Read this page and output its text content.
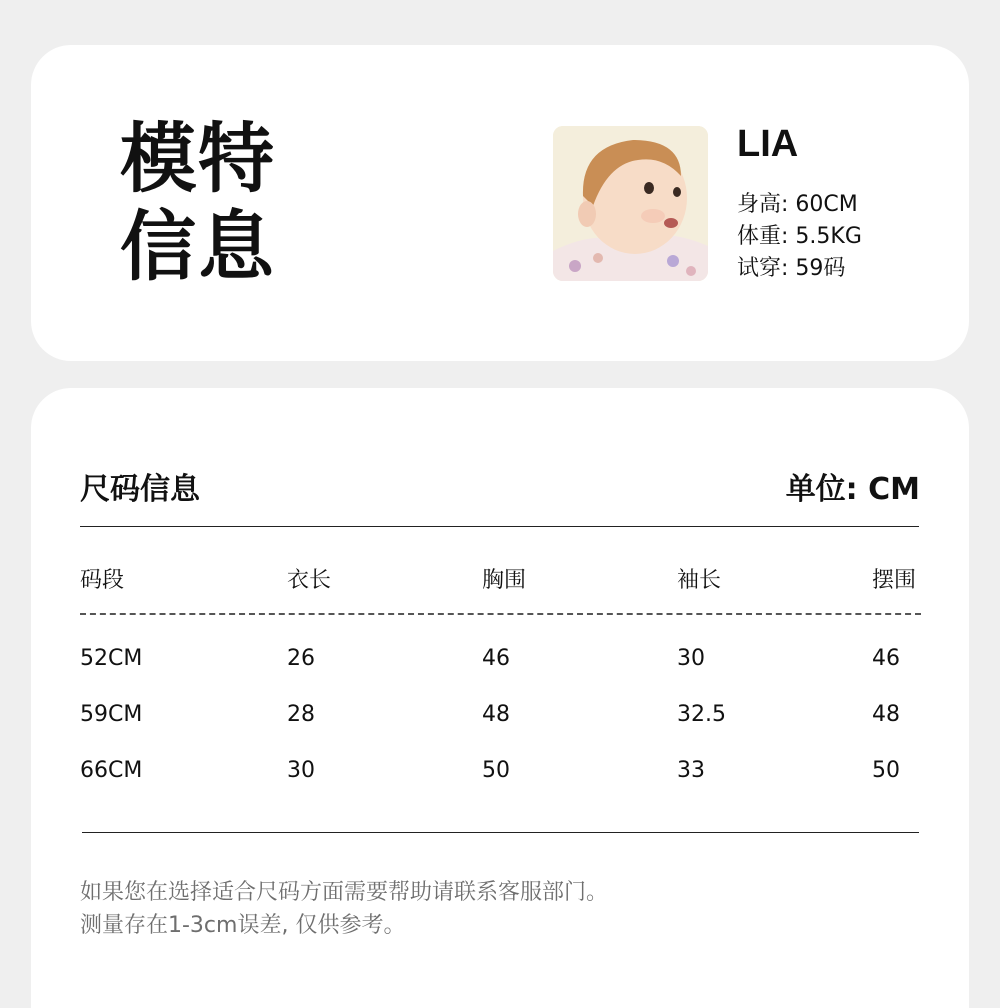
模特
信息
LIA
身高: 60CM
体重: 5.5KG
试穿: 59码
尺码信息	单位: CM
码段	衣长	胸围	袖长	摆围
52CM	26	46	30	46
59CM	28	48	32.5	48
66CM	30	50	33	50
如果您在选择适合尺码方面需要帮助请联系客服部门。
测量存在1-3cm误差, 仅供参考。
